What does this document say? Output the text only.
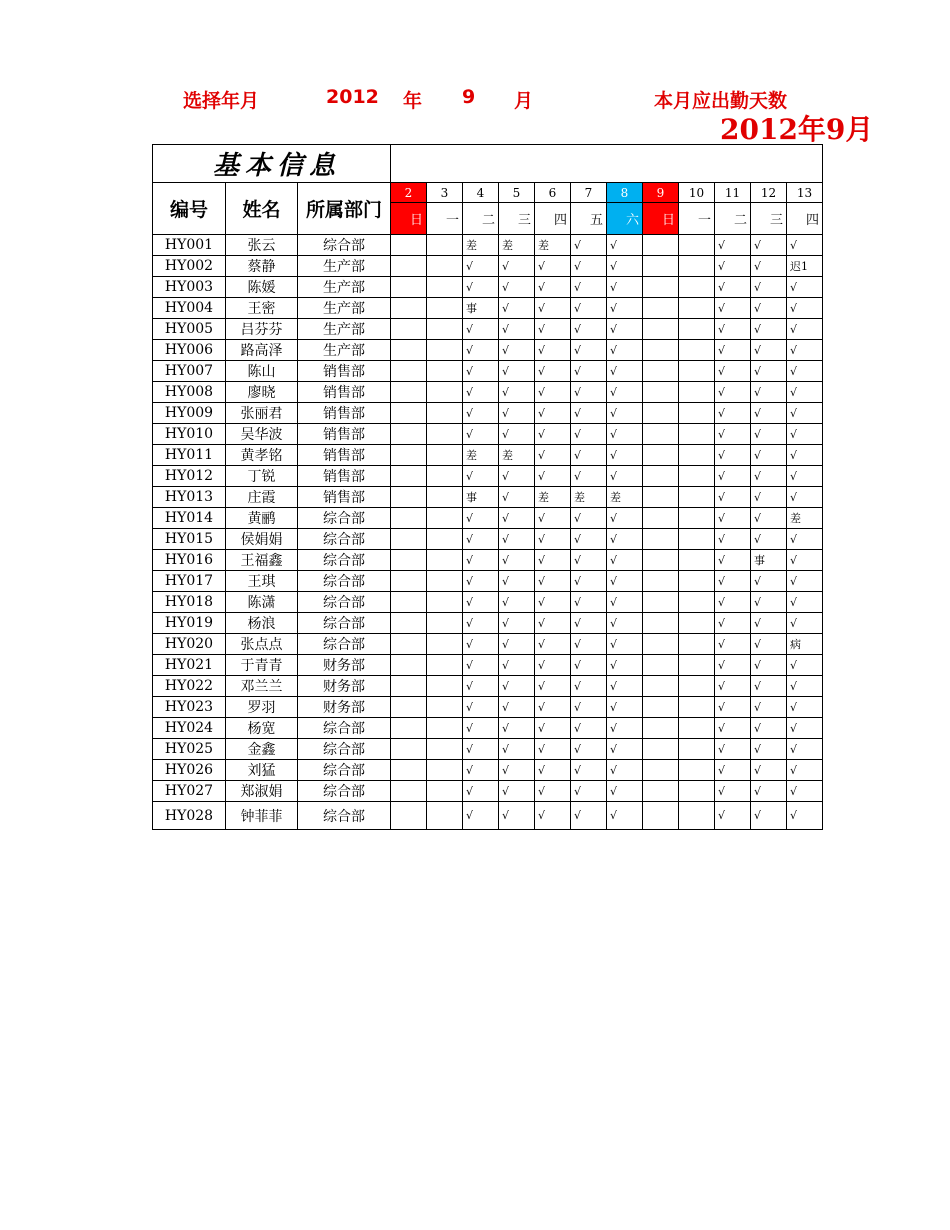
选择年月	2012 年 9 月	本月应出勤天数
2012年9月
基本信息														
编号	姓名	所属部门	2	3	4	5	6	7	8	9	10	11	12	13
			日	一	二	三	四	五	六	日	一	二	三	四
HY001	张云	综合部			差	差	差	√	√			√	√	√
HY002	蔡静	生产部			√	√	√	√	√			√	√	迟1
HY003	陈媛	生产部			√	√	√	√	√			√	√	√
HY004	王密	生产部			事	√	√	√	√			√	√	√
HY005	吕芬芬	生产部			√	√	√	√	√			√	√	√
HY006	路高泽	生产部			√	√	√	√	√			√	√	√
HY007	陈山	销售部			√	√	√	√	√			√	√	√
HY008	廖晓	销售部			√	√	√	√	√			√	√	√
HY009	张丽君	销售部			√	√	√	√	√			√	√	√
HY010	吴华波	销售部			√	√	√	√	√			√	√	√
HY011	黄孝铭	销售部			差	差	√	√	√			√	√	√
HY012	丁锐	销售部			√	√	√	√	√			√	√	√
HY013	庄霞	销售部			事	√	差	差	差			√	√	√
HY014	黄鹂	综合部			√	√	√	√	√			√	√	差
HY015	侯娟娟	综合部			√	√	√	√	√			√	√	√
HY016	王福鑫	综合部			√	√	√	√	√			√	事	√
HY017	王琪	综合部			√	√	√	√	√			√	√	√
HY018	陈潇	综合部			√	√	√	√	√			√	√	√
HY019	杨浪	综合部			√	√	√	√	√			√	√	√
HY020	张点点	综合部			√	√	√	√	√			√	√	病
HY021	于青青	财务部			√	√	√	√	√			√	√	√
HY022	邓兰兰	财务部			√	√	√	√	√			√	√	√
HY023	罗羽	财务部			√	√	√	√	√			√	√	√
HY024	杨宽	综合部			√	√	√	√	√			√	√	√
HY025	金鑫	综合部			√	√	√	√	√			√	√	√
HY026	刘猛	综合部			√	√	√	√	√			√	√	√
HY027	郑淑娟	综合部			√	√	√	√	√			√	√	√
HY028	钟菲菲	综合部			√	√	√	√	√			√	√	√
